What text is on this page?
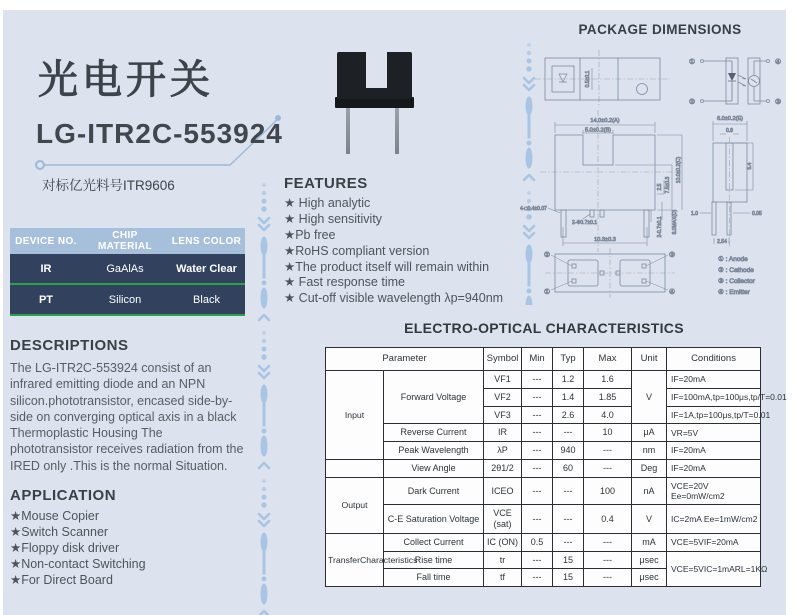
光电开关
LG-ITR2C-553924
对标亿光料号ITR9606
DEVICE NO.	CHIP MATERIAL	LENS COLOR
IR	GaAlAs	Water Clear
PT	Silicon	Black
DESCRIPTIONS
The LG-ITR2C-553924 consist of an infrared emitting diode and an NPN silicon.phototransistor, encased side-by-side on converging optical axis in a black Thermoplastic Housing The phototransistor receives radiation from the IRED only .This is the normal Situation.
APPLICATION
★Mouse Copier
★Switch Scanner
★Floppy disk driver
★Non-contact Switching
★For Direct Board
FEATURES
★ High analytic
★ High sensitivity
★Pb free
★RoHS compliant version
★The product itself will remain within
★ Fast response time
★ Cut-off visible wavelength λp=940nm
PACKAGE DIMENSIONS
0.5±0.1
①
②
④
③
14.0±0.2(A)
5.0±0.2(B)
2.5 7.5±0.3
10.0±0.2(C)
2-0.7±0.1 8.0MAX(D)
4-□0.4±0.07
2-Φ0.7±0.1
10.3±0.3
②
①
③
④
6.0±0.2(E)
0.8
5.4
1.0	0.05
2.54
① : Anode
② : Cathode
③ : Collector
④ : Emitter
ELECTRO-OPTICAL CHARACTERISTICS
Parameter		Symbol	Min	Typ	Max	Unit	Conditions
Input	Forward Voltage	VF1	---	1.2	1.6	V	IF=20mA
		VF2	---	1.4	1.85		IF=100mA,tp=100μs,tp/T=0.01
		VF3	---	2.6	4.0		IF=1A,tp=100μs,tp/T=0.01
	Reverse Current	IR	---	---	10	μA	VR=5V
	Peak Wavelength	λP	---	940	---	nm	IF=20mA
	View Angle	2θ1/2	---	60	---	Deg	IF=20mA
Output	Dark Current	ICEO	---	---	100	nA	VCE=20V Ee=0mW/cm2
	C-E Saturation Voltage	VCE (sat)	---	---	0.4	V	IC=2mA Ee=1mW/cm2
TransferCharacteristics	Collect Current	IC (ON)	0.5	---	---	mA	VCE=5VIF=20mA
	Rise time	tr	---	15	---	μsec	VCE=5VIC=1mARL=1KΩ
	Fall time	tf	---	15	---	μsec	
